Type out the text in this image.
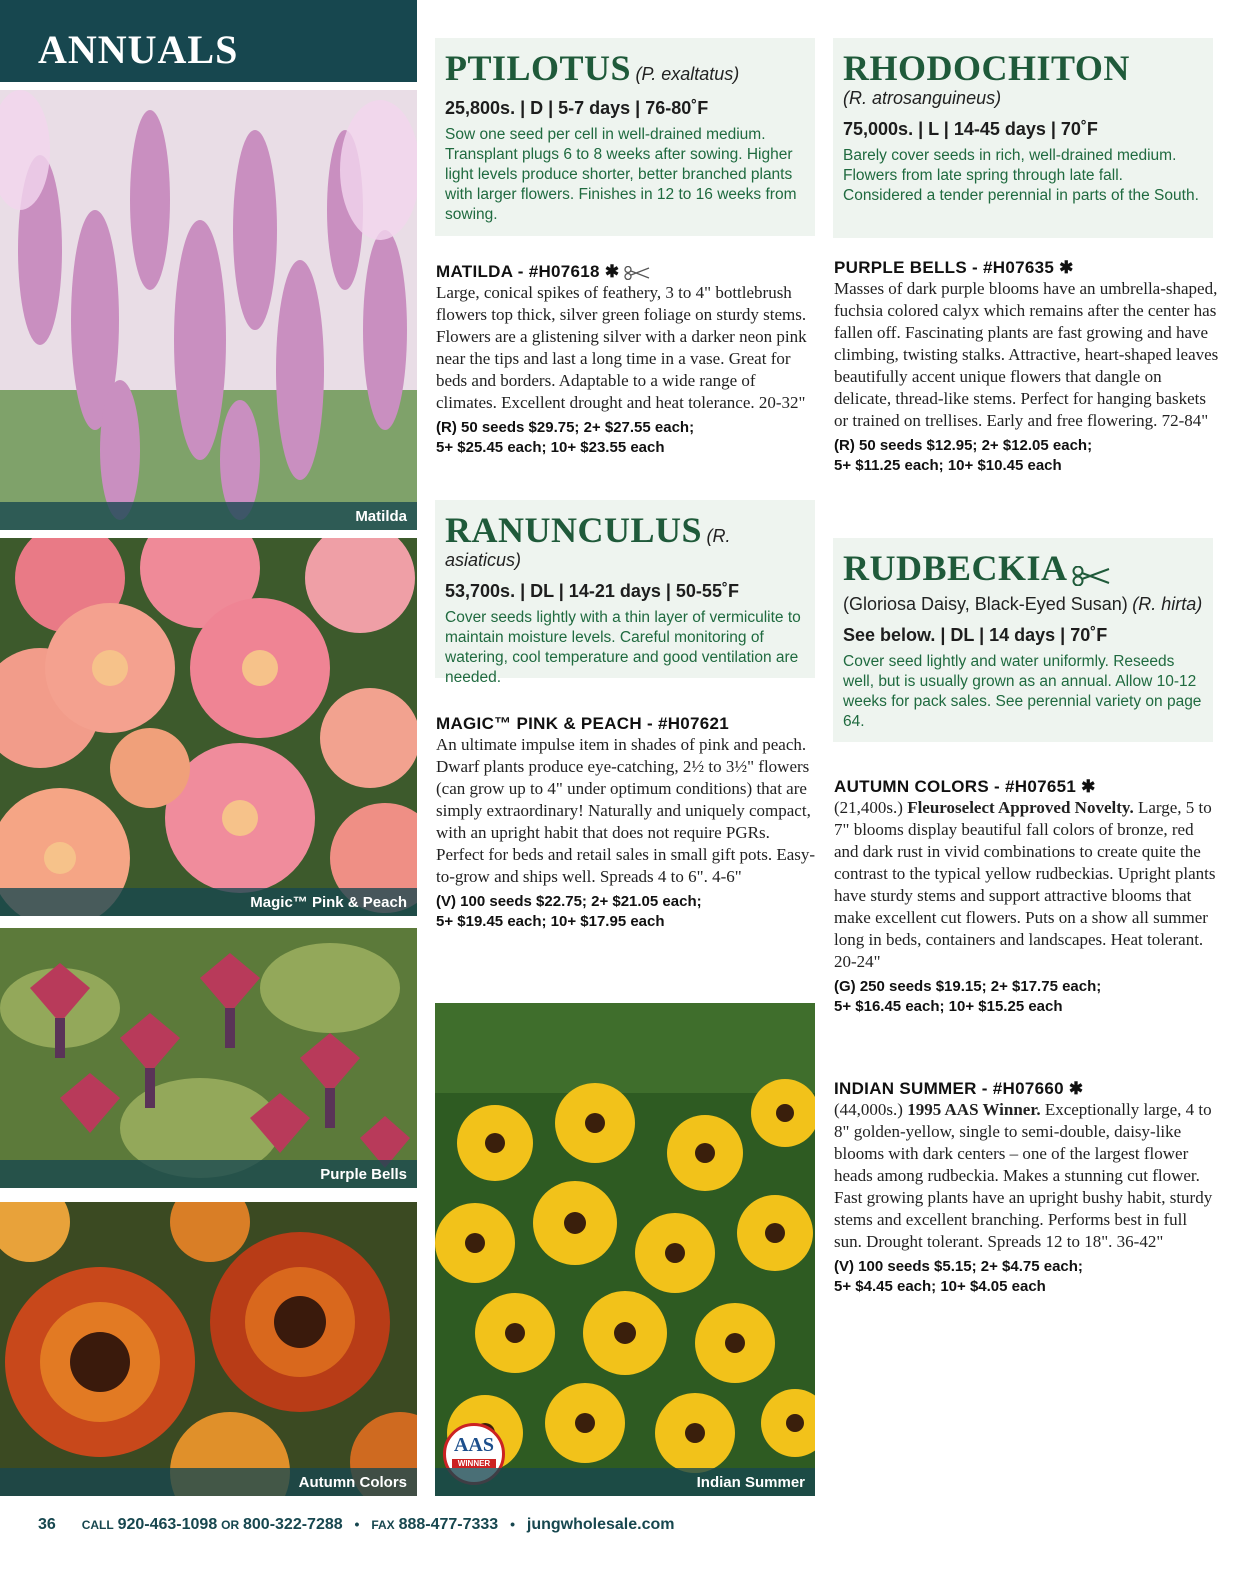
ANNUALS
Matilda
Magic™ Pink & Peach
Purple Bells
Autumn Colors
AAS
WINNER
Indian Summer
PTILOTUS (P. exaltatus)
25,800s. | D | 5-7 days | 76-80˚F
Sow one seed per cell in well-drained medium. Transplant plugs 6 to 8 weeks after sowing. Higher light levels produce shorter, better branched plants with larger flowers. Finishes in 12 to 16 weeks from sowing.
MATILDA - #H07618 ✱
Large, conical spikes of feathery, 3 to 4" bottlebrush flowers top thick, silver green foliage on sturdy stems. Flowers are a glistening silver with a darker neon pink near the tips and last a long time in a vase. Great for beds and borders. Adaptable to a wide range of climates. Excellent drought and heat tolerance. 20-32"
(R) 50 seeds $29.75; 2+ $27.55 each;
5+ $25.45 each; 10+ $23.55 each
RANUNCULUS (R. asiaticus)
53,700s. | DL | 14-21 days | 50-55˚F
Cover seeds lightly with a thin layer of vermiculite to maintain moisture levels. Careful monitoring of watering, cool temperature and good ventilation are needed.
MAGIC™ PINK & PEACH - #H07621
An ultimate impulse item in shades of pink and peach. Dwarf plants produce eye-catching, 2½ to 3½" flowers (can grow up to 4" under optimum conditions) that are simply extraordinary! Naturally and uniquely compact, with an upright habit that does not require PGRs. Perfect for beds and retail sales in small gift pots. Easy-to-grow and ships well. Spreads 4 to 6". 4-6"
(V) 100 seeds $22.75; 2+ $21.05 each;
5+ $19.45 each; 10+ $17.95 each
RHODOCHITON
(R. atrosanguineus)
75,000s. | L | 14-45 days | 70˚F
Barely cover seeds in rich, well-drained medium. Flowers from late spring through late fall. Considered a tender perennial in parts of the South.
PURPLE BELLS - #H07635 ✱
Masses of dark purple blooms have an umbrella-shaped, fuchsia colored calyx which remains after the center has fallen off. Fascinating plants are fast growing and have climbing, twisting stalks. Attractive, heart-shaped leaves beautifully accent unique flowers that dangle on delicate, thread-like stems. Perfect for hanging baskets or trained on trellises. Early and free flowering. 72-84"
(R) 50 seeds $12.95; 2+ $12.05 each;
5+ $11.25 each; 10+ $10.45 each
RUDBECKIA
(Gloriosa Daisy, Black-Eyed Susan) (R. hirta)
See below. | DL | 14 days | 70˚F
Cover seed lightly and water uniformly. Reseeds well, but is usually grown as an annual. Allow 10-12 weeks for pack sales. See perennial variety on page 64.
AUTUMN COLORS - #H07651 ✱
(21,400s.) Fleuroselect Approved Novelty. Large, 5 to 7" blooms display beautiful fall colors of bronze, red and dark rust in vivid combinations to create quite the contrast to the typical yellow rudbeckias. Upright plants have sturdy stems and support attractive blooms that make excellent cut flowers. Puts on a show all summer long in beds, containers and landscapes. Heat tolerant. 20-24"
(G) 250 seeds $19.15; 2+ $17.75 each;
5+ $16.45 each; 10+ $15.25 each
INDIAN SUMMER - #H07660 ✱
(44,000s.) 1995 AAS Winner. Exceptionally large, 4 to 8" golden-yellow, single to semi-double, daisy-like blooms with dark centers – one of the largest flower heads among rudbeckia. Makes a stunning cut flower. Fast growing plants have an upright bushy habit, sturdy stems and excellent branching. Performs best in full sun. Drought tolerant. Spreads 12 to 18". 36-42"
(V) 100 seeds $5.15; 2+ $4.75 each;
5+ $4.45 each; 10+ $4.05 each
36 CALL 920-463-1098 OR 800-322-7288 • FAX 888-477-7333 • jungwholesale.com
